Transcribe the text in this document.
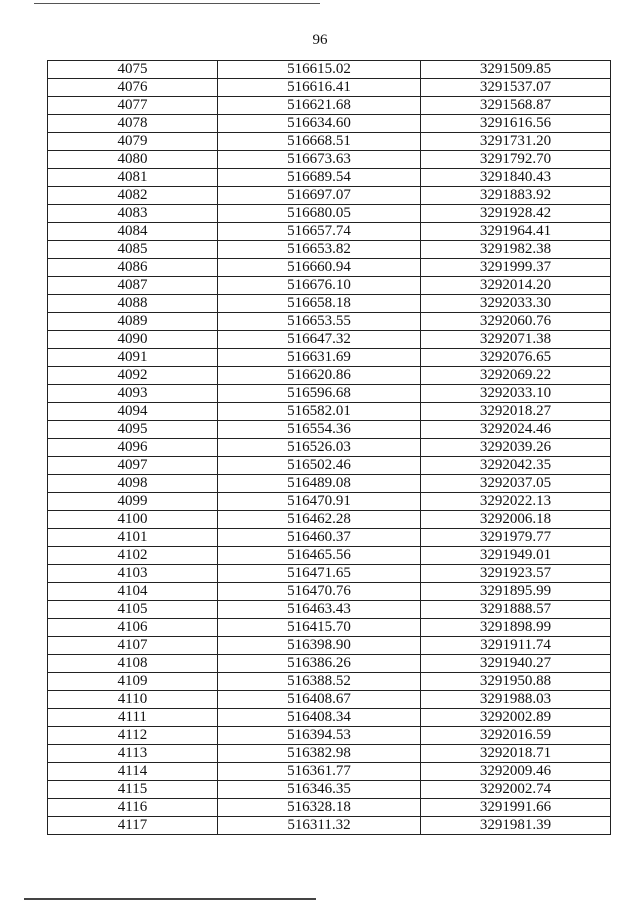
96
4075	516615.02	3291509.85
4076	516616.41	3291537.07
4077	516621.68	3291568.87
4078	516634.60	3291616.56
4079	516668.51	3291731.20
4080	516673.63	3291792.70
4081	516689.54	3291840.43
4082	516697.07	3291883.92
4083	516680.05	3291928.42
4084	516657.74	3291964.41
4085	516653.82	3291982.38
4086	516660.94	3291999.37
4087	516676.10	3292014.20
4088	516658.18	3292033.30
4089	516653.55	3292060.76
4090	516647.32	3292071.38
4091	516631.69	3292076.65
4092	516620.86	3292069.22
4093	516596.68	3292033.10
4094	516582.01	3292018.27
4095	516554.36	3292024.46
4096	516526.03	3292039.26
4097	516502.46	3292042.35
4098	516489.08	3292037.05
4099	516470.91	3292022.13
4100	516462.28	3292006.18
4101	516460.37	3291979.77
4102	516465.56	3291949.01
4103	516471.65	3291923.57
4104	516470.76	3291895.99
4105	516463.43	3291888.57
4106	516415.70	3291898.99
4107	516398.90	3291911.74
4108	516386.26	3291940.27
4109	516388.52	3291950.88
4110	516408.67	3291988.03
4111	516408.34	3292002.89
4112	516394.53	3292016.59
4113	516382.98	3292018.71
4114	516361.77	3292009.46
4115	516346.35	3292002.74
4116	516328.18	3291991.66
4117	516311.32	3291981.39
